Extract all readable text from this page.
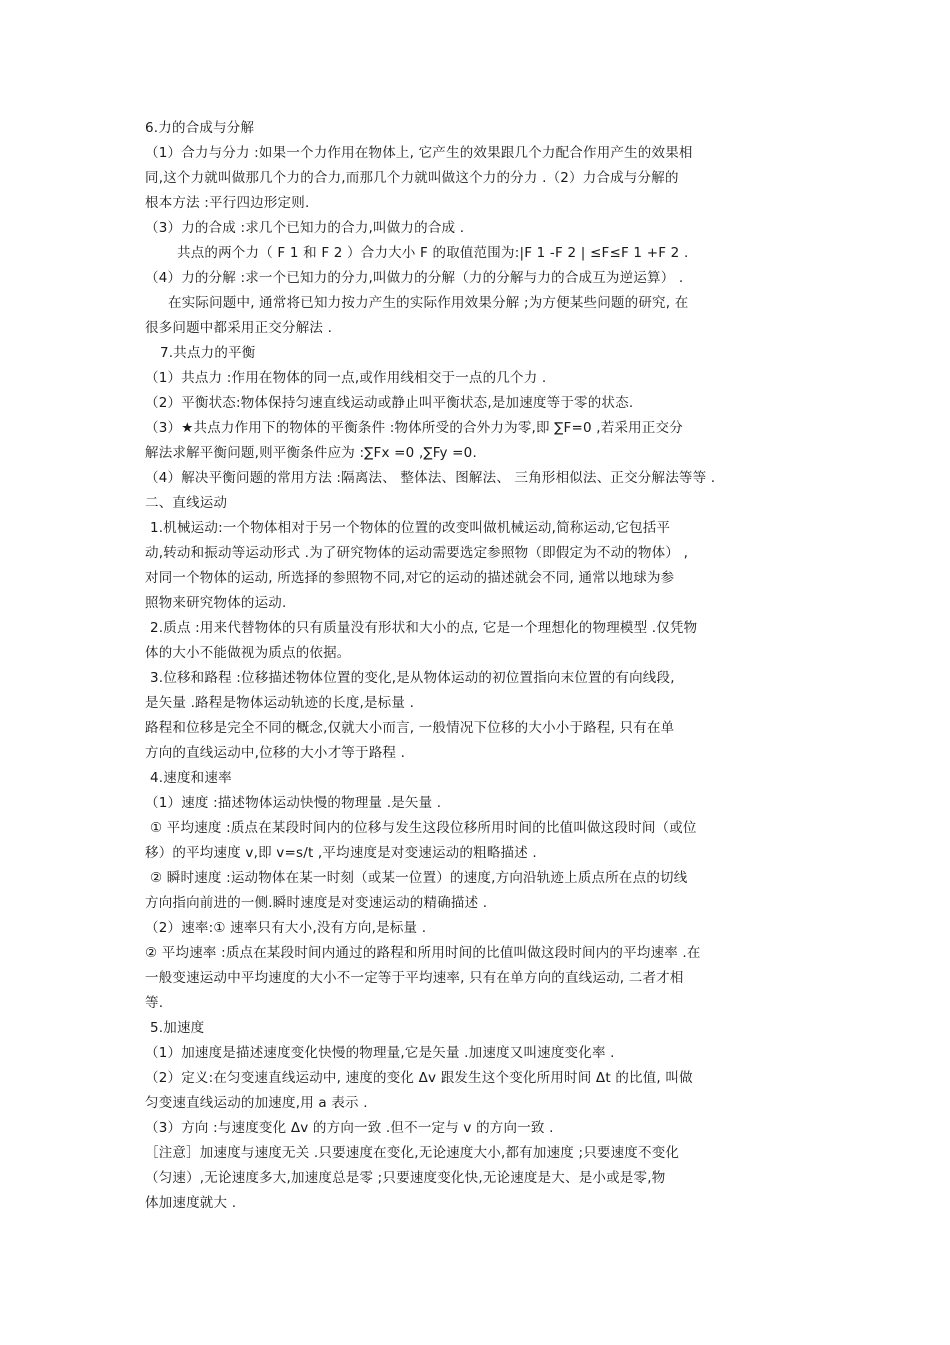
6.力的合成与分解
（1）合力与分力 :如果一个力作用在物体上, 它产生的效果跟几个力配合作用产生的效果相
同,这个力就叫做那几个力的合力,而那几个力就叫做这个力的分力 .（2）力合成与分解的
根本方法 :平行四边形定则.
（3）力的合成 :求几个已知力的合力,叫做力的合成 .
共点的两个力（ F 1 和 F 2 ）合力大小 F 的取值范围为:|F 1 -F 2 | ≤F≤F 1 +F 2 .
（4）力的分解 :求一个已知力的分力,叫做力的分解（力的分解与力的合成互为逆运算） .
在实际问题中, 通常将已知力按力产生的实际作用效果分解 ;为方便某些问题的研究, 在
很多问题中都采用正交分解法 .
7.共点力的平衡
（1）共点力 :作用在物体的同一点,或作用线相交于一点的几个力 .
（2）平衡状态:物体保持匀速直线运动或静止叫平衡状态,是加速度等于零的状态.
（3）★共点力作用下的物体的平衡条件 :物体所受的合外力为零,即 ∑F=0 ,若采用正交分
解法求解平衡问题,则平衡条件应为 :∑Fx =0 ,∑Fy =0.
（4）解决平衡问题的常用方法 :隔离法、 整体法、图解法、 三角形相似法、正交分解法等等 .
二、直线运动
1.机械运动:一个物体相对于另一个物体的位置的改变叫做机械运动,简称运动,它包括平
动,转动和振动等运动形式 .为了研究物体的运动需要选定参照物（即假定为不动的物体） ,
对同一个物体的运动, 所选择的参照物不同,对它的运动的描述就会不同, 通常以地球为参
照物来研究物体的运动.
2.质点 :用来代替物体的只有质量没有形状和大小的点, 它是一个理想化的物理模型 .仅凭物
体的大小不能做视为质点的依据。
3.位移和路程 :位移描述物体位置的变化,是从物体运动的初位置指向末位置的有向线段,
是矢量 .路程是物体运动轨迹的长度,是标量 .
路程和位移是完全不同的概念,仅就大小而言, 一般情况下位移的大小小于路程, 只有在单
方向的直线运动中,位移的大小才等于路程 .
4.速度和速率
（1）速度 :描述物体运动快慢的物理量 .是矢量 .
① 平均速度 :质点在某段时间内的位移与发生这段位移所用时间的比值叫做这段时间（或位
移）的平均速度 v,即 v=s/t ,平均速度是对变速运动的粗略描述 .
② 瞬时速度 :运动物体在某一时刻（或某一位置）的速度,方向沿轨迹上质点所在点的切线
方向指向前进的一侧.瞬时速度是对变速运动的精确描述 .
（2）速率:① 速率只有大小,没有方向,是标量 .
② 平均速率 :质点在某段时间内通过的路程和所用时间的比值叫做这段时间内的平均速率 .在
一般变速运动中平均速度的大小不一定等于平均速率, 只有在单方向的直线运动, 二者才相
等.
5.加速度
（1）加速度是描述速度变化快慢的物理量,它是矢量 .加速度又叫速度变化率 .
（2）定义:在匀变速直线运动中, 速度的变化 Δv 跟发生这个变化所用时间 Δt 的比值, 叫做
匀变速直线运动的加速度,用 a 表示 .
（3）方向 :与速度变化 Δv 的方向一致 .但不一定与 v 的方向一致 .
［注意］加速度与速度无关 .只要速度在变化,无论速度大小,都有加速度 ;只要速度不变化
（匀速）,无论速度多大,加速度总是零 ;只要速度变化快,无论速度是大、是小或是零,物
体加速度就大 .
